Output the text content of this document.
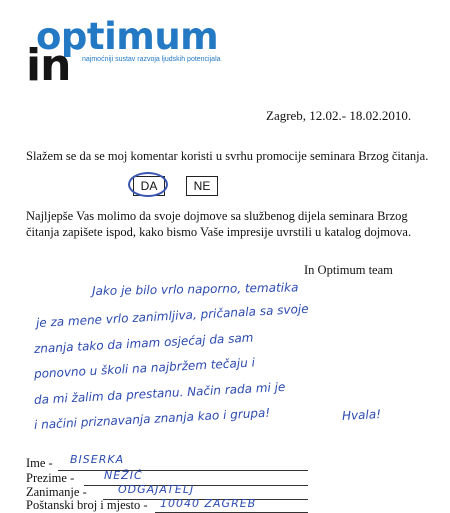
optimum
in najmoćniji sustav razvoja ljudskih potencijala
Zagreb, 12.02.- 18.02.2010.
Slažem se da se moj komentar koristi u svrhu promocije seminara Brzog čitanja.
DA	NE
Najljepše Vas molimo da svoje dojmove sa službenog dijela seminara Brzog čitanja zapišete ispod, kako bismo Vaše impresije uvrstili u katalog dojmova.
In Optimum team
Jako je bilo vrlo naporno, tematika
je za mene vrlo zanimljiva, pričanala sa svoje
znanja tako da imam osjećaj da sam
ponovno u školi na najbržem tečaju i
da mi žalim da prestanu. Način rada mi je
i načini priznavanja znanja kao i grupa!	Hvala!
Ime - BISERKA
Prezime -	NEŽIĆ
Zanimanje -	ODGAJATELJ
Poštanski broj i mjesto - 10040 ZAGREB
